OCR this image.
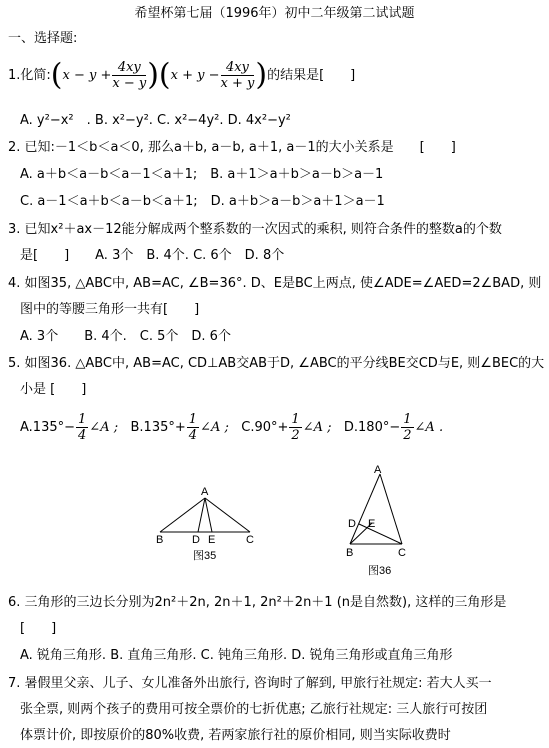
希望杯第七届（1996年）初中二年级第二试试题
一、选择题:
1.化简:(x − $y + \frac{4xy}{x - y} )(x + y - \frac{4xy}{x + y}$ )的结果是[　　]
A. y²−x²　. B. x²−y². C. x²−4y². D. 4x²−y²
2. 已知:－1＜b＜a＜0, 那么a＋b, a－b, a＋1, a－1的大小关系是　　[　　]
A. a＋b＜a－b＜a－1＜a＋1;　B. a＋1＞a＋b＞a－b＞a－1
C. a－1＜a＋b＜a－b＜a＋1;　D. a＋b＞a－b＞a＋1＞a－1
3. 已知x²＋ax－12能分解成两个整系数的一次因式的乘积, 则符合条件的整数a的个数
是[　　]　　A. 3个　B. 4个. C. 6个　D. 8个
4. 如图35, △ABC中, AB=AC, ∠B=36°. D、E是BC上两点, 使∠ADE=∠AED=2∠BAD, 则
图中的等腰三角形一共有[　　]
A. 3个　　B. 4个.　C. 5个　D. 6个
5. 如图36. △ABC中, AB=AC, CD⊥AB交AB于D, ∠ABC的平分线BE交CD与E, 则∠BEC的大
小是 [　　]
$A.135^\circ- \frac{1}{4}$ ∠A ; $B.135^\circ+ \frac{1}{4}$ ∠A ; $C.90^\circ+ \frac{1}{2}$ ∠A ; $D.180^\circ- \frac{1}{2}$ ∠A .
A
B	D E	C
图35
A
D E
B	C
图36
6. 三角形的三边长分别为2n²＋2n, 2n＋1, 2n²＋2n＋1 (n是自然数), 这样的三角形是
[　　]
A. 锐角三角形. B. 直角三角形. C. 钝角三角形. D. 锐角三角形或直角三角形
7. 暑假里父亲、儿子、女儿准备外出旅行, 咨询时了解到, 甲旅行社规定: 若大人买一
张全票, 则两个孩子的费用可按全票价的七折优惠; 乙旅行社规定: 三人旅行可按团
体票计价, 即按原价的80%收费, 若两家旅行社的原价相同, 则当实际收费时
